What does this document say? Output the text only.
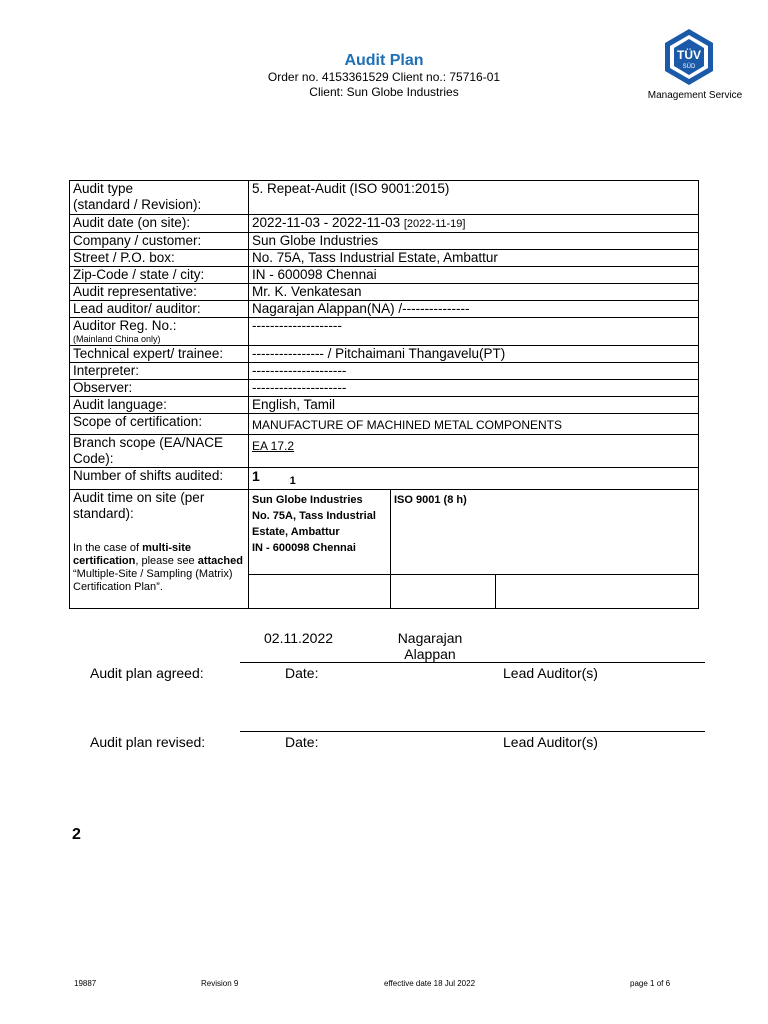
Audit Plan
Order no. 4153361529 Client no.: 75716-01
Client: Sun Globe Industries
TÜV
SÜD
Management Service
Audit type
(standard / Revision):	5. Repeat-Audit (ISO 9001:2015)
Audit date (on site):	2022-11-03 - 2022-11-03 [2022-11-19]
Company / customer:	Sun Globe Industries
Street / P.O. box:	No. 75A, Tass Industrial Estate, Ambattur
Zip-Code / state / city:	IN - 600098 Chennai
Audit representative:	Mr. K. Venkatesan
Lead auditor/ auditor:	Nagarajan Alappan(NA) /---------------

Auditor Reg. No.:
(Mainland China only)
	--------------------
Technical expert/ trainee:	---------------- / Pitchaimani Thangavelu(PT)
Interpreter:	---------------------
Observer:	---------------------
Audit language:	English, Tamil
Scope of certification:	MANUFACTURE OF MACHINED METAL COMPONENTS
Branch scope (EA/NACE Code):	EA 17.2
Number of shifts audited:	1	$_1$

Audit time on site (per standard):
In the case of multi-site certification, please see attached “Multiple-Site / Sampling (Matrix) Certification Plan”.

Sun Globe Industries
No. 75A, Tass Industrial Estate, Ambattur
IN - 600098 Chennai	ISO 9001 (8 h)

02.11.2022	Nagarajan
Alappan
Audit plan agreed:	Date:	Lead Auditor(s)
Audit plan revised:	Date:	Lead Auditor(s)
2
19887	Revision 9	effective date 18 Jul 2022	page 1 of 6
